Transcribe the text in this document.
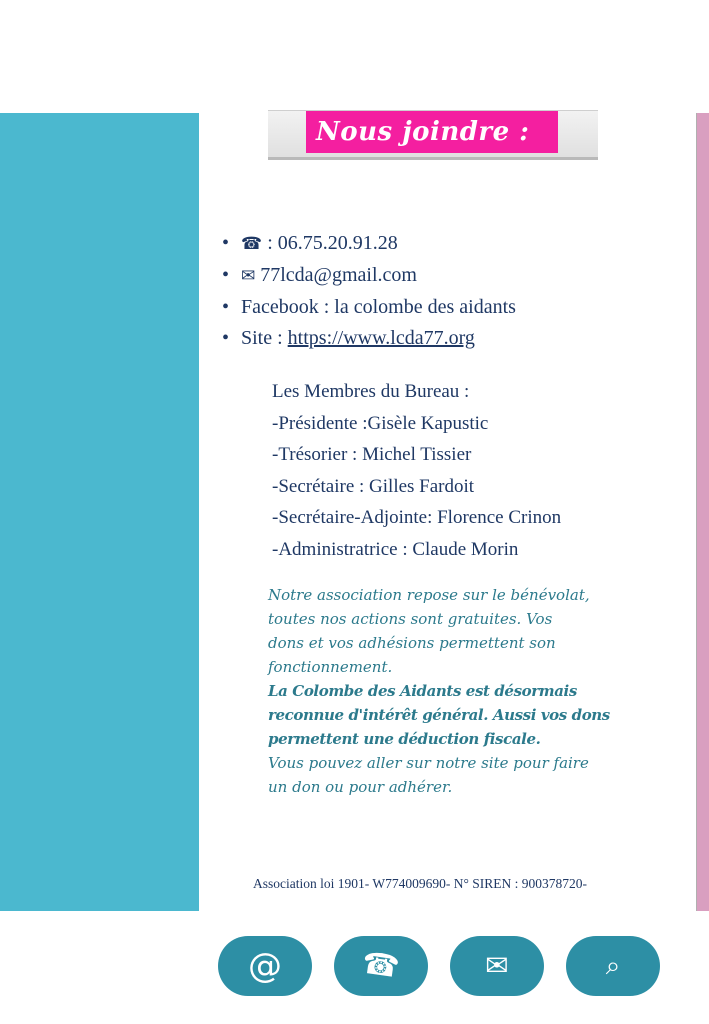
Nous joindre :
• ☎ : 06.75.20.91.28
• ✉ 77lcda@gmail.com
• Facebook : la colombe des aidants
• Site : https://www.lcda77.org
Les Membres du Bureau :
-Présidente :Gisèle Kapustic
-Trésorier : Michel Tissier
-Secrétaire : Gilles Fardoit
-Secrétaire-Adjointe: Florence Crinon
-Administratrice : Claude Morin
Notre association repose sur le bénévolat,
toutes nos actions sont gratuites. Vos
dons et vos adhésions permettent son
fonctionnement.
La Colombe des Aidants est désormais
reconnue d'intérêt général. Aussi vos dons
permettent une déduction fiscale.
Vous pouvez aller sur notre site pour faire
un don ou pour adhérer.
Association loi 1901- W774009690- N° SIREN : 900378720-
@	☎	✉	⌕
